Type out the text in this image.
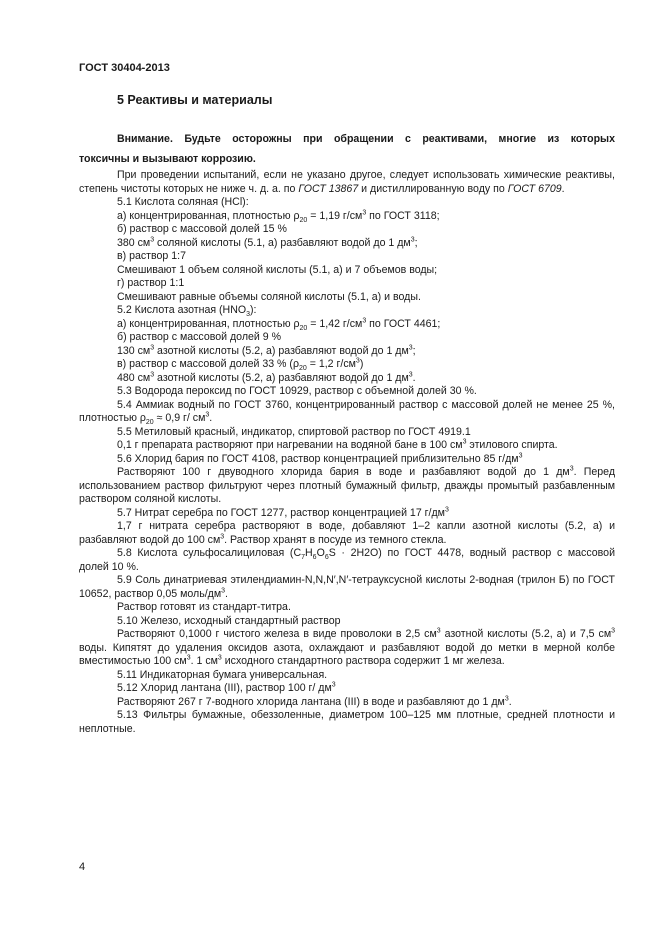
ГОСТ 30404-2013
5 Реактивы и материалы
Внимание. Будьте осторожны при обращении с реактивами, многие из которых
токсичны и вызывают коррозию.

При проведении испытаний, если не указано другое, следует использовать химические реактивы, степень чистоты которых не ниже ч. д. а. по ГОСТ 13867 и дистиллированную воду по ГОСТ 6709.

5.1 Кислота соляная (HCl):

а) концентрированная, плотностью $\rho_{20} = 1,19$ $г/см^3$ по ГОСТ 3118;

б) раствор с массовой долей 15 %

380 $см^3$ соляной кислоты (5.1, а) разбавляют водой до 1 $дм^3$;

в) раствор 1:7

Смешивают 1 объем соляной кислоты (5.1, а) и 7 объемов воды;

г) раствор 1:1

Смешивают равные объемы соляной кислоты (5.1, а) и воды.

5.2 Кислота азотная $(HNO_3)$:

а) концентрированная, плотностью $\rho_{20} = 1,42$ $г/см^3$ по ГОСТ 4461;

б) раствор с массовой долей 9 %

130 $см^3$ азотной кислоты (5.2, а) разбавляют водой до 1 $дм^3$;

в) раствор с массовой долей 33 % ($\rho_{20} = 1,2$ $г/см^3$)

480 $см^3$ азотной кислоты (5.2, а) разбавляют водой до 1 $дм^3$.

5.3 Водорода пероксид по ГОСТ 10929, раствор с объемной долей 30 %.

5.4 Аммиак водный по ГОСТ 3760, концентрированный раствор с массовой долей не менее 25 %, плотностью $\rho_{20} \approx 0,9$ г/ $см^3$.

5.5 Метиловый красный, индикатор, спиртовой раствор по ГОСТ 4919.1

0,1 г препарата растворяют при нагревании на водяной бане в 100 $см^3$ этилового спирта.

5.6 Хлорид бария по ГОСТ 4108, раствор концентрацией приблизительно 85 $г/дм^3$

Растворяют 100 г двуводного хлорида бария в воде и разбавляют водой до 1 $дм^3$. Перед использованием раствор фильтруют через плотный бумажный фильтр, дважды промытый разбавленным раствором соляной кислоты.

5.7 Нитрат серебра по ГОСТ 1277, раствор концентрацией 17 $г/дм^3$

1,7 г нитрата серебра растворяют в воде, добавляют 1–2 капли азотной кислоты (5.2, а) и разбавляют водой до 100 $см^3$. Раствор хранят в посуде из темного стекла.

5.8 Кислота сульфосалициловая $(C_7H_6O_6S \cdot 2H2O)$ по ГОСТ 4478, водный раствор с массовой долей 10 %.

5.9 Соль динатриевая этилендиамин-N,N,N′,N′-тетрауксусной кислоты 2-водная (трилон Б) по ГОСТ 10652, раствор 0,05 моль/$дм^3$.

Раствор готовят из стандарт-титра.

5.10 Железо, исходный стандартный раствор

Растворяют 0,1000 г чистого железа в виде проволоки в 2,5 $см^3$ азотной кислоты (5.2, а) и 7,5 $см^3$ воды. Кипятят до удаления оксидов азота, охлаждают и разбавляют водой до метки в мерной колбе вместимостью 100 $см^3$. 1 $см^3$ исходного стандартного раствора содержит 1 мг железа.

5.11 Индикаторная бумага универсальная.

5.12 Хлорид лантана (III), раствор 100 г/ $дм^3$

Растворяют 267 г 7-водного хлорида лантана (III) в воде и разбавляют до 1 $дм^3$.

5.13 Фильтры бумажные, обеззоленные, диаметром 100–125 мм плотные, средней плотности и неплотные.

4
